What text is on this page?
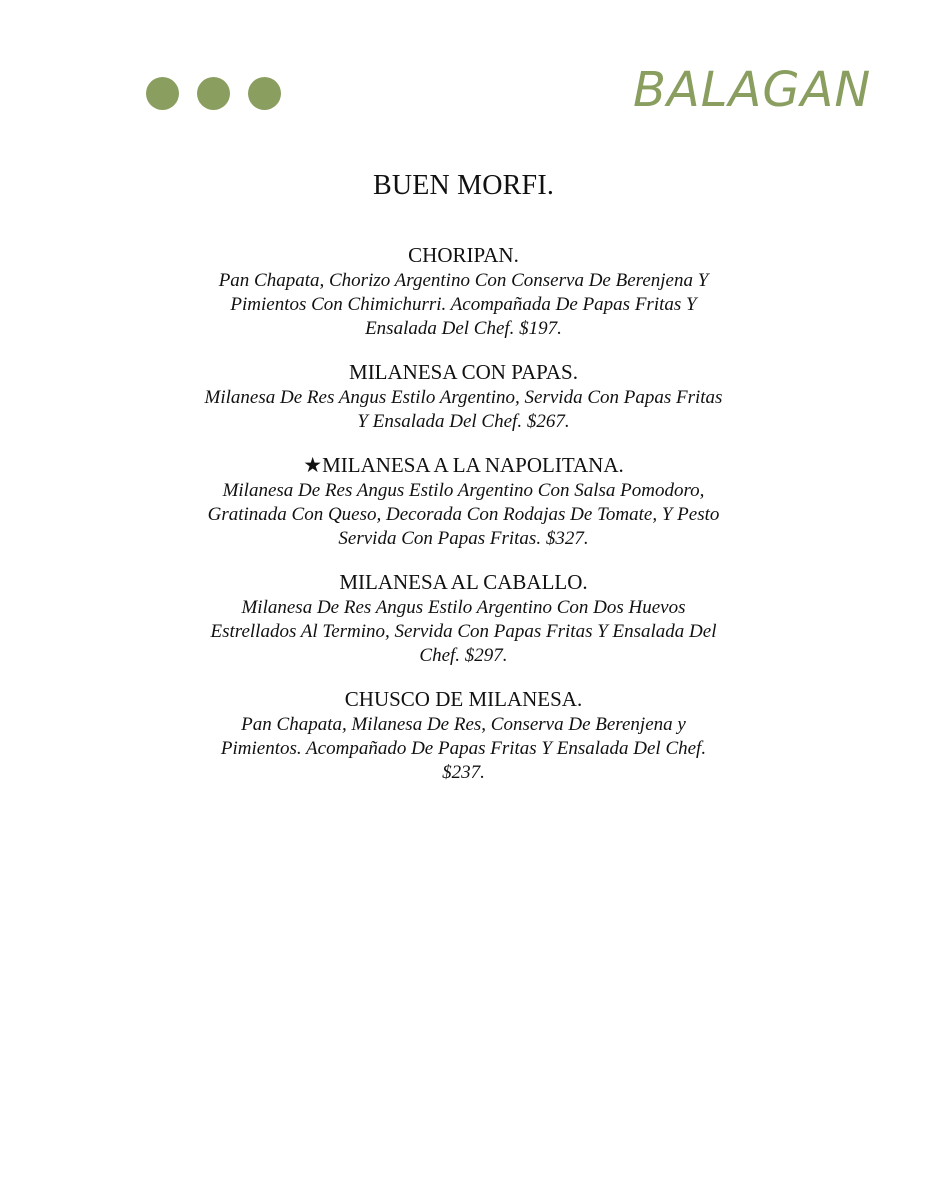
BALAGAN
BUEN MORFI.
CHORIPAN.
Pan Chapata, Chorizo Argentino Con Conserva De Berenjena Y
Pimientos Con Chimichurri. Acompañada De Papas Fritas Y
Ensalada Del Chef. $197.
MILANESA CON PAPAS.
Milanesa De Res Angus Estilo Argentino, Servida Con Papas Fritas
Y Ensalada Del Chef. $267.
★MILANESA A LA NAPOLITANA.
Milanesa De Res Angus Estilo Argentino Con Salsa Pomodoro,
Gratinada Con Queso, Decorada Con Rodajas De Tomate, Y Pesto
Servida Con Papas Fritas. $327.
MILANESA AL CABALLO.
Milanesa De Res Angus Estilo Argentino Con Dos Huevos
Estrellados Al Termino, Servida Con Papas Fritas Y Ensalada Del
Chef. $297.
CHUSCO DE MILANESA.
Pan Chapata, Milanesa De Res, Conserva De Berenjena y
Pimientos. Acompañado De Papas Fritas Y Ensalada Del Chef.
$237.
